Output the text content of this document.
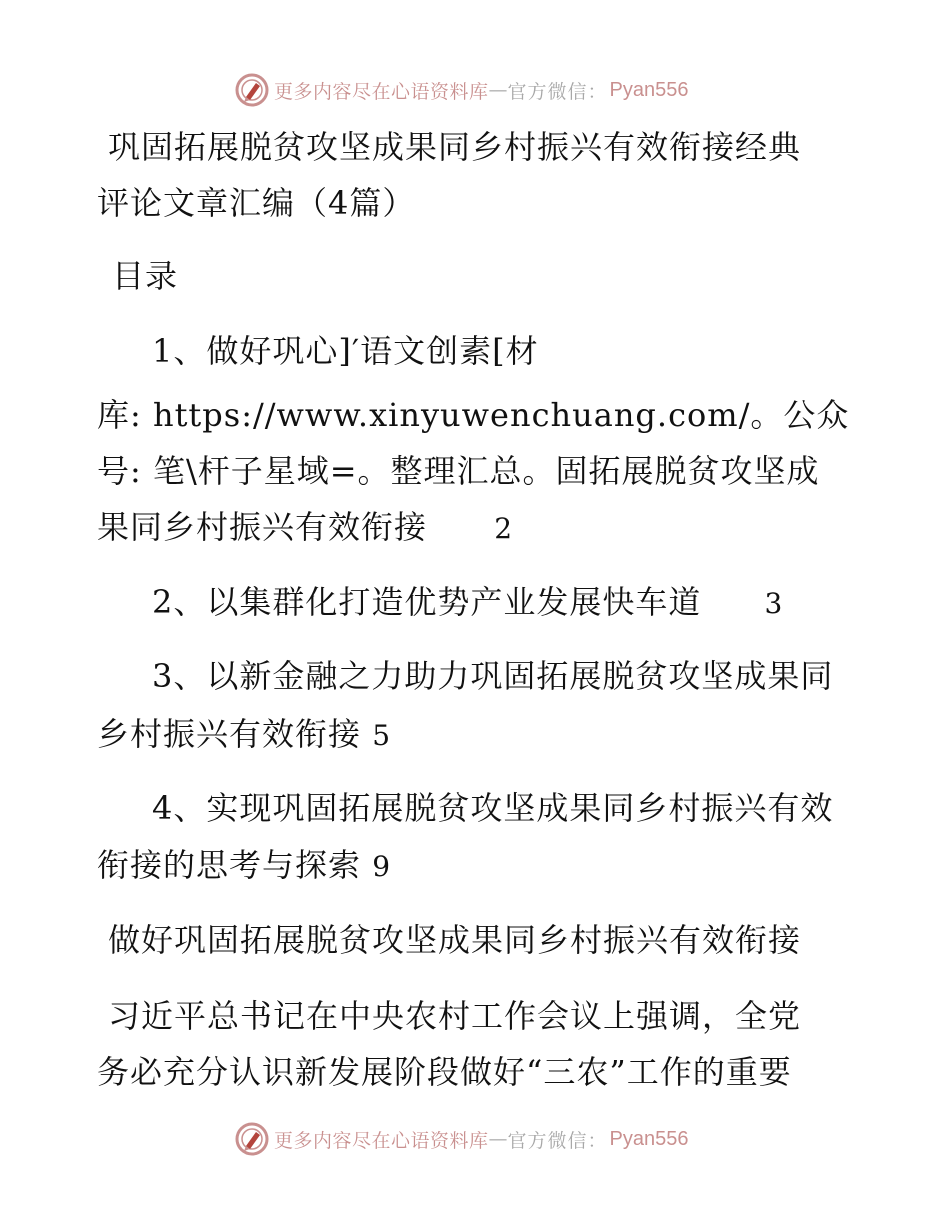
更多内容尽在心语资料库 — 官方微信： Pyan556
巩固拓展脱贫攻坚成果同乡村振兴有效衔接经典
评论文章汇编（4篇）
目录
1、做好巩心]′语文创素[材
库: https://www.xinyuwenchuang.com/。公众
号: 笔\杆子星域=。整理汇总。固拓展脱贫攻坚成
果同乡村振兴有效衔接 2
2、以集群化打造优势产业发展快车道 3
3、以新金融之力助力巩固拓展脱贫攻坚成果同
乡村振兴有效衔接 5
4、实现巩固拓展脱贫攻坚成果同乡村振兴有效
衔接的思考与探索 9
做好巩固拓展脱贫攻坚成果同乡村振兴有效衔接
习近平总书记在中央农村工作会议上强调，全党
务必充分认识新发展阶段做好“三农”工作的重要
更多内容尽在心语资料库 — 官方微信： Pyan556
